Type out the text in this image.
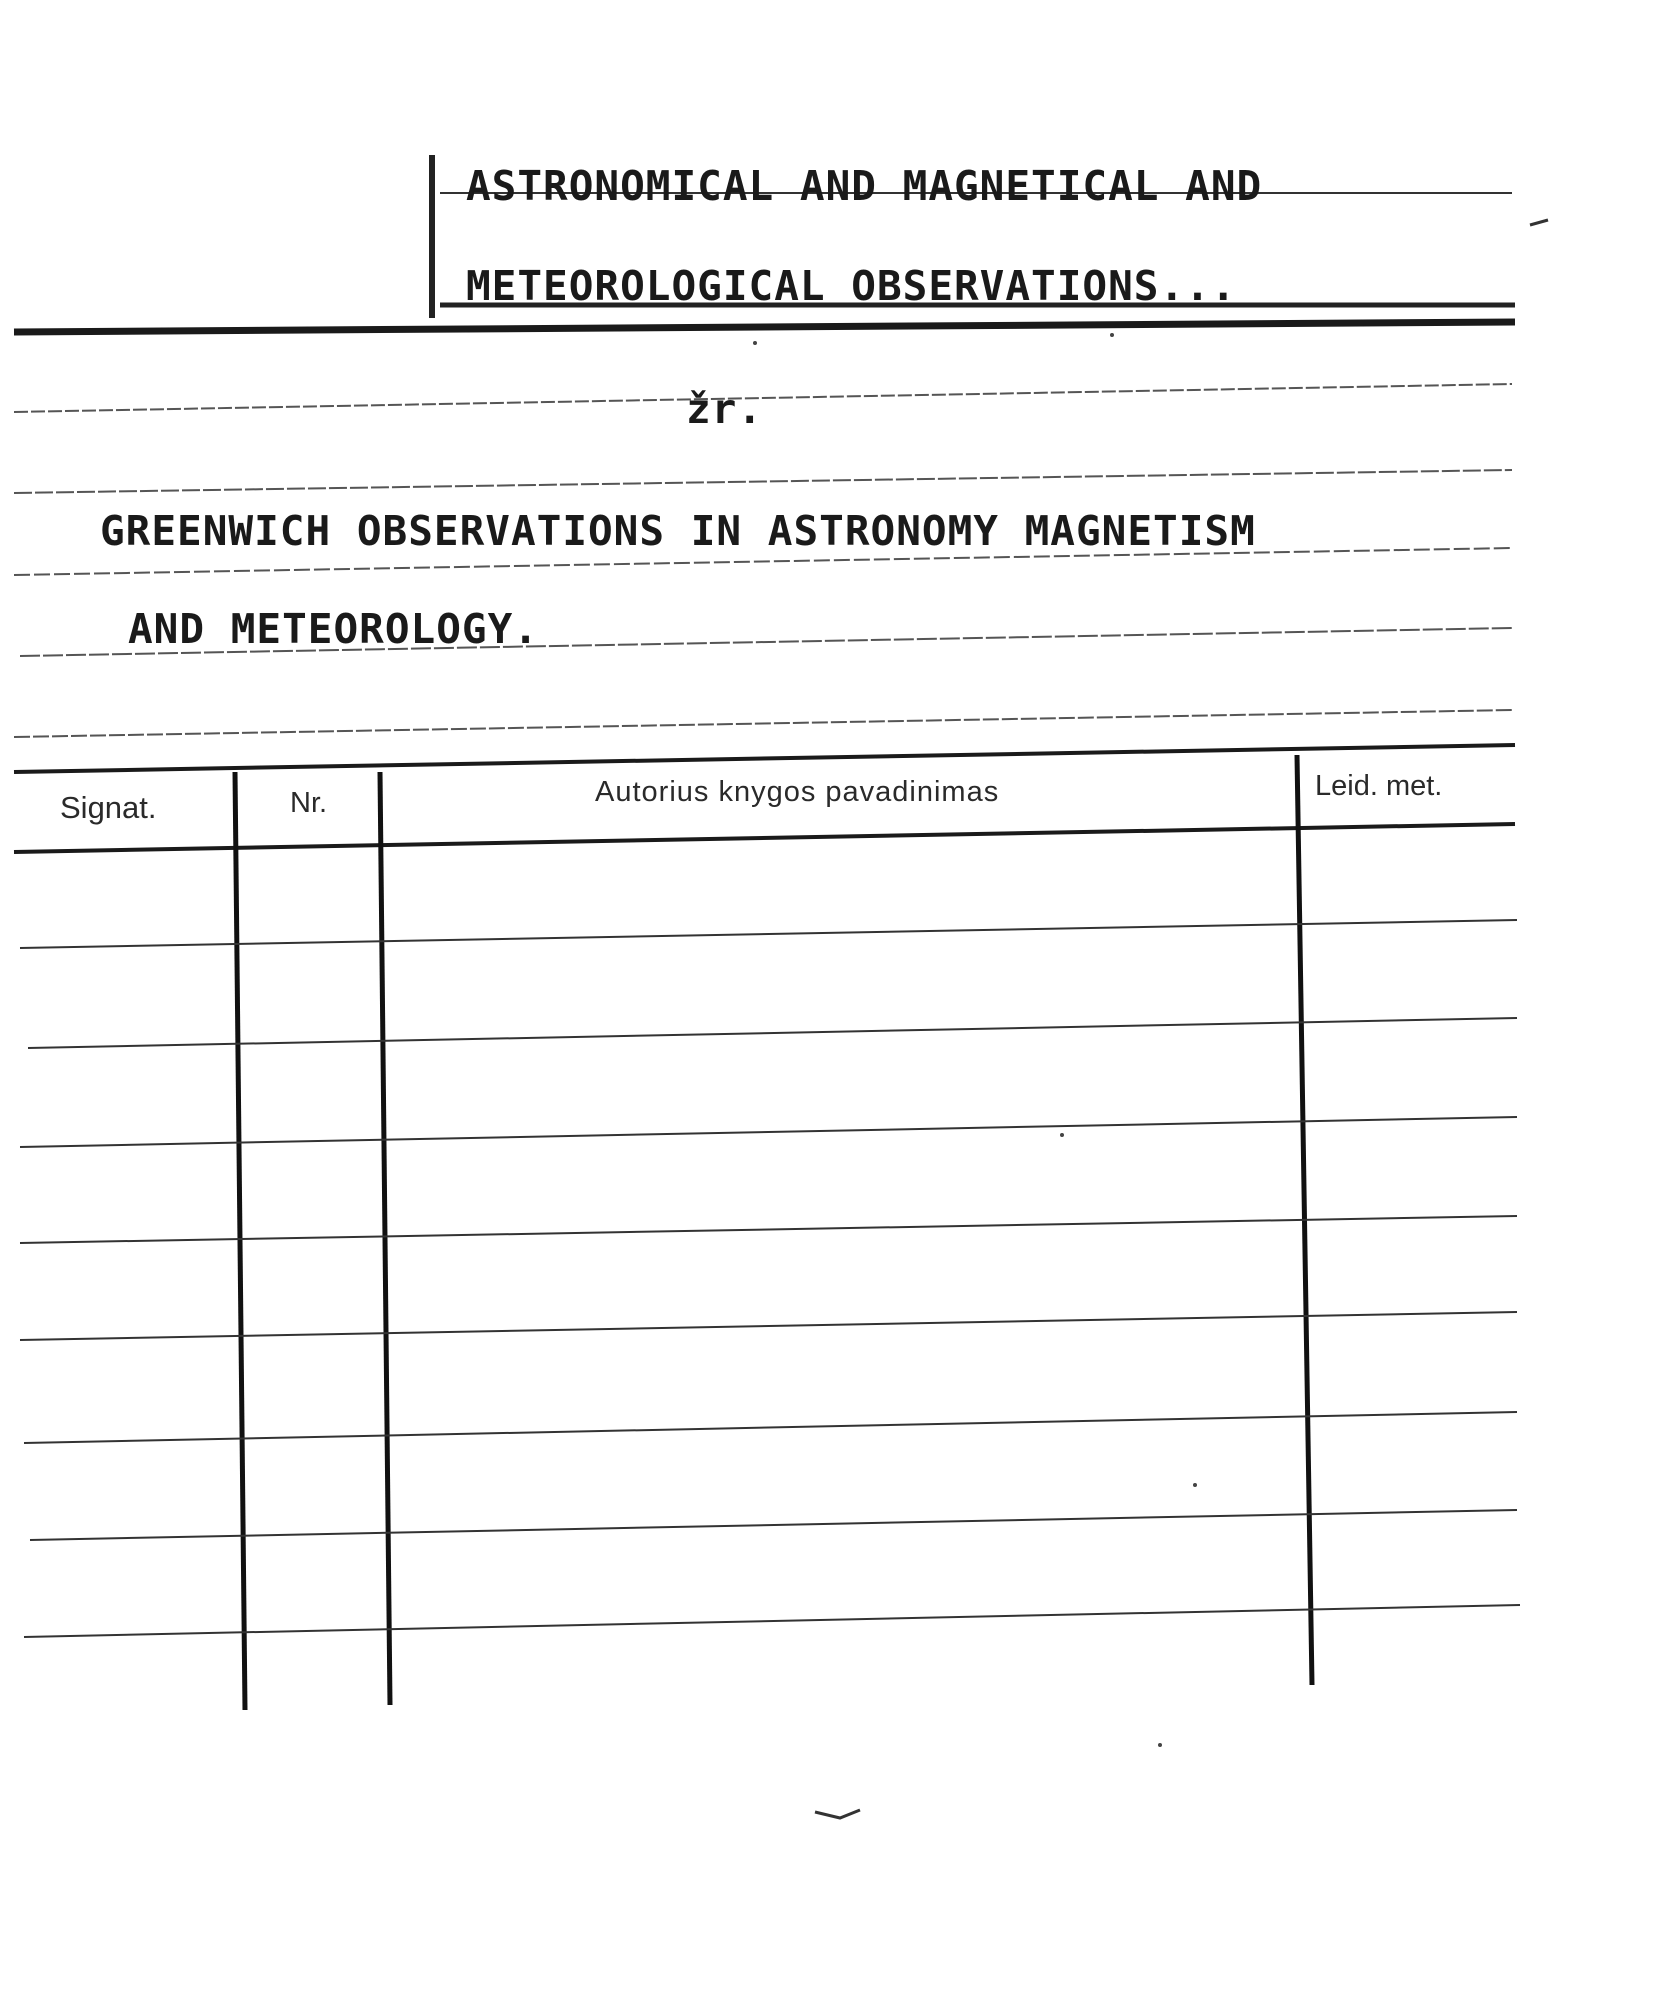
ASTRONOMICAL AND MAGNETICAL AND
METEOROLOGICAL OBSERVATIONS...
žr.
GREENWICH OBSERVATIONS IN ASTRONOMY MAGNETISM
AND METEOROLOGY.
Signat.	Nr.	Autorius knygos pavadinimas	Leid. met.
